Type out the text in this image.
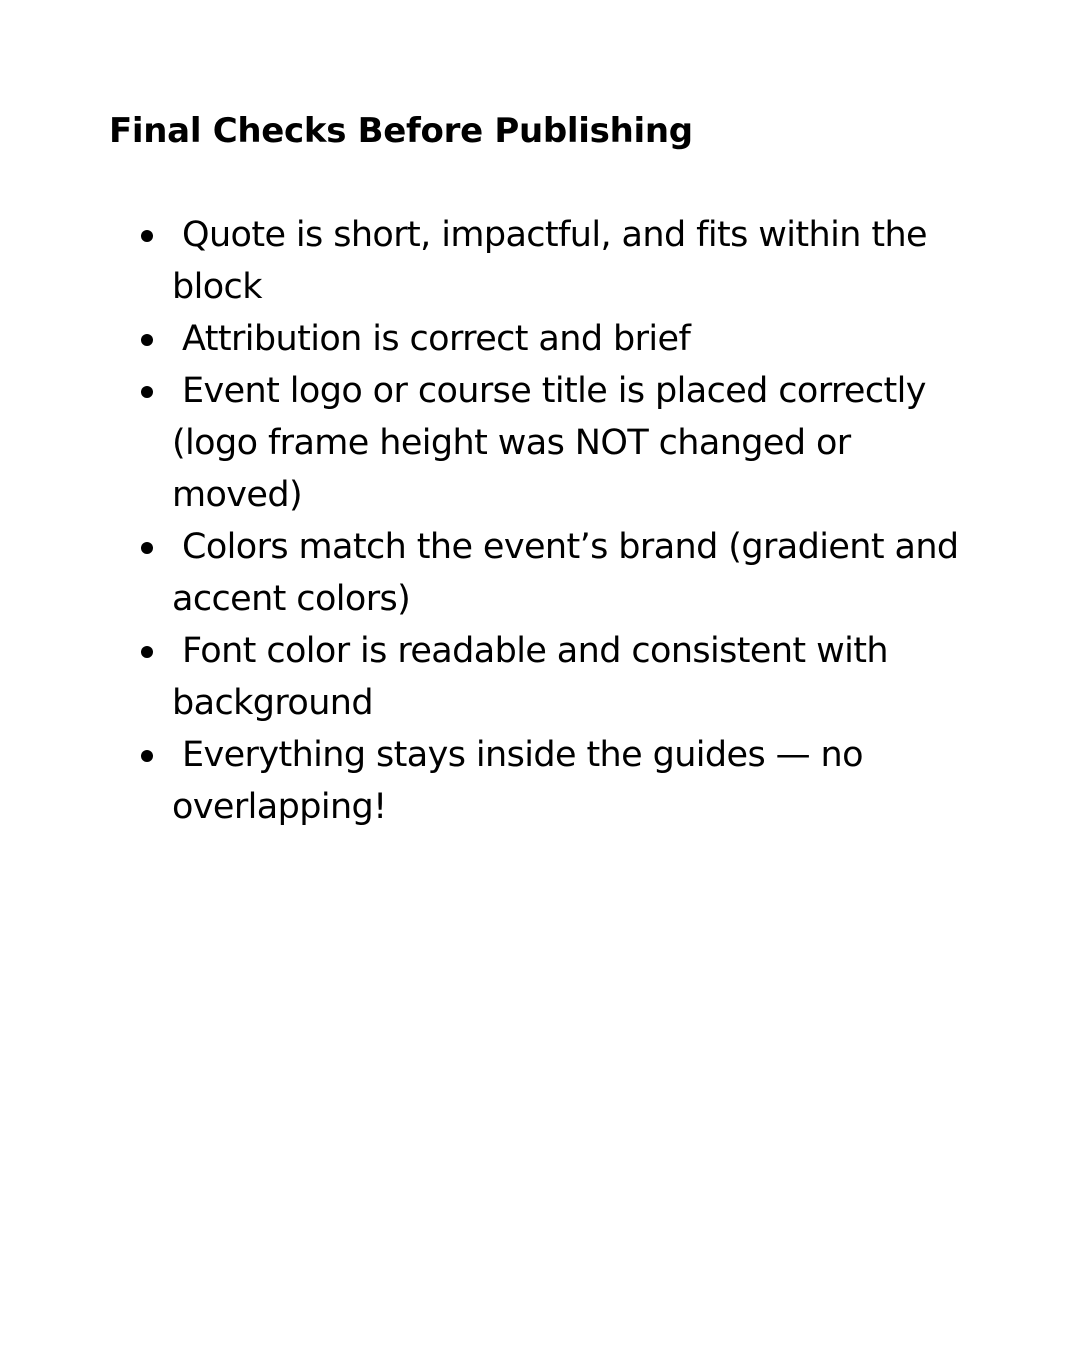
Final Checks Before Publishing
Quote is short, impactful, and fits within the block
Attribution is correct and brief
Event logo or course title is placed correctly (logo frame height was NOT changed or moved)
Colors match the event’s brand (gradient and accent colors)
Font color is readable and consistent with background
Everything stays inside the guides — no overlapping!
